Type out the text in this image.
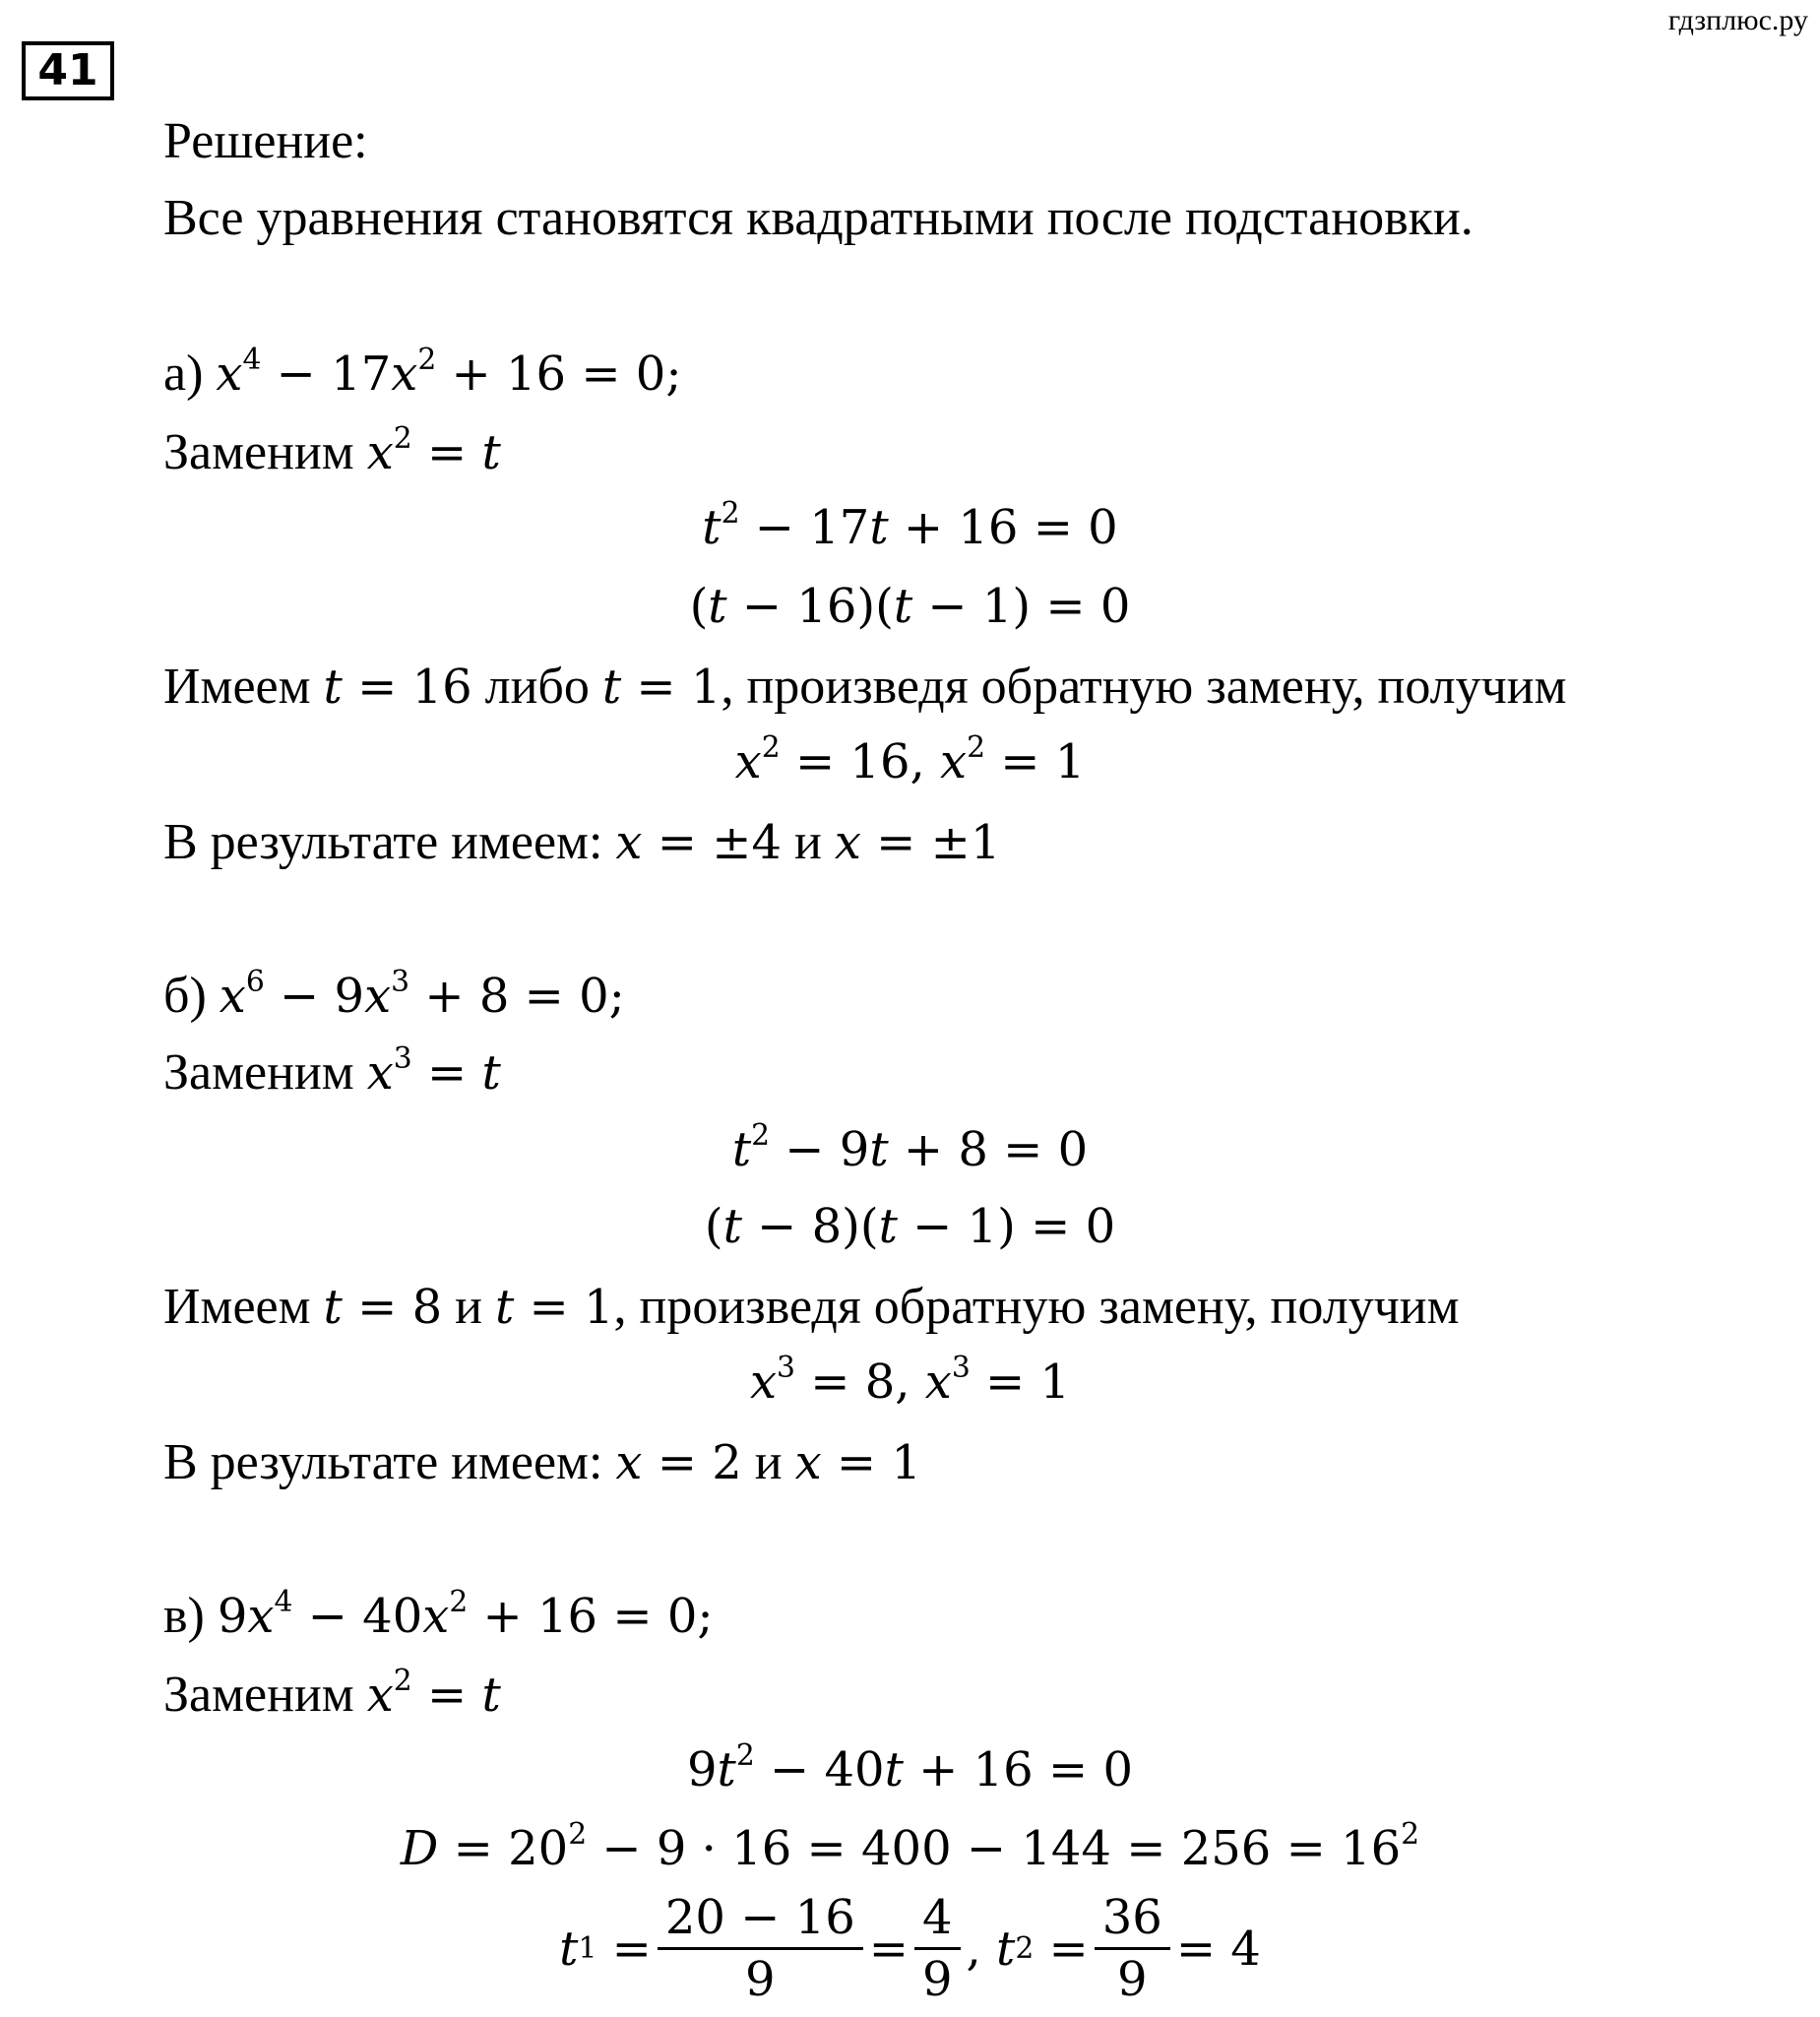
гдзплюс.ру
41
Решение:
Все уравнения становятся квадратными после подстановки.
а) $x^4 - 17x^2 + 16 = 0$;
Заменим $x^2 = t$
$t^2 - 17t + 16 = 0$
(t − 16)(t − 1) = 0
Имеем t = 16 либо t = 1, произведя обратную замену, получим
$x^2 = 16$, $x^2 = 1$
В результате имеем: x = ±4 и x = ±1
б) $x^6 - 9x^3 + 8 = 0$;
Заменим $x^3 = t$
$t^2 - 9t + 8 = 0$
(t − 8)(t − 1) = 0
Имеем t = 8 и t = 1, произведя обратную замену, получим
$x^3 = 8$, $x^3 = 1$
В результате имеем: x = 2 и x = 1
в) $9x^4 - 40x^2 + 16 = 0$;
Заменим $x^2 = t$
$9t^2 - 40t + 16 = 0$
$D = 20^2 - 9 \cdot 16 = 400 - 144 = 256 = 16^2$
t $1 = \frac{20 - 16}{9} = \frac{4}{9}$ , t $2 = \frac{36}{9} = 4$
